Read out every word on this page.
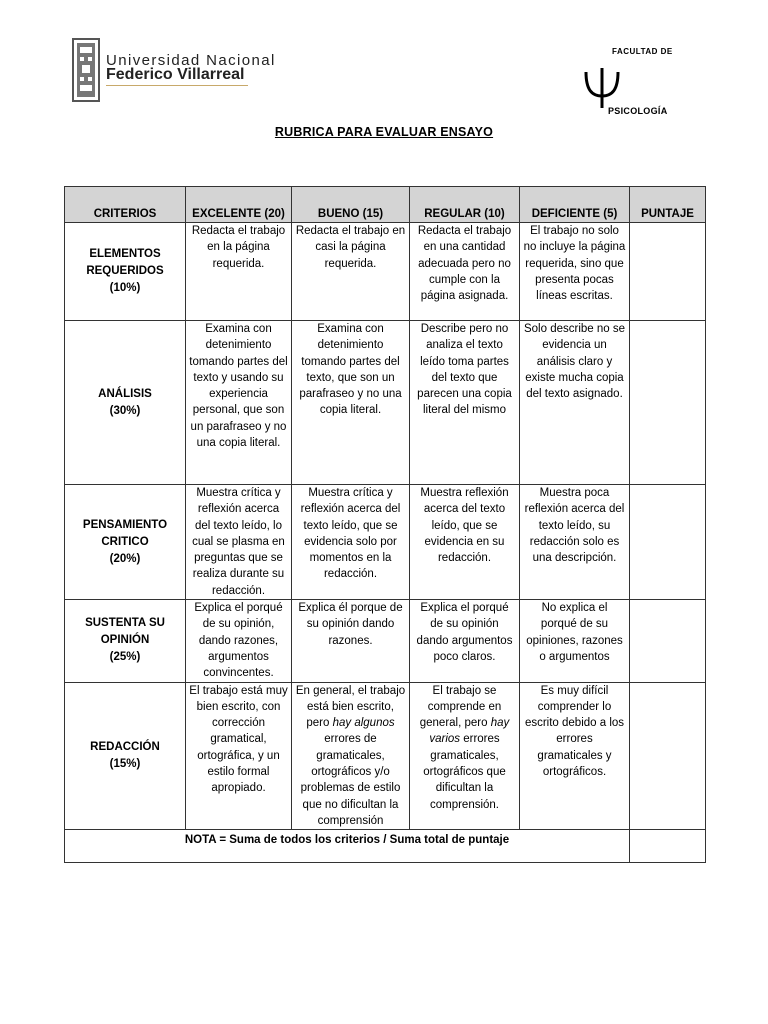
Universidad Nacional
Federico Villarreal
FACULTAD DE
PSICOLOGÍA
RUBRICA PARA EVALUAR ENSAYO
CRITERIOS	EXCELENTE (20)	BUENO (15)	REGULAR (10)	DEFICIENTE (5)	PUNTAJE
ELEMENTOS REQUERIDOS
(10%)	Redacta el trabajo en la página requerida.	Redacta el trabajo en casi la página requerida.	Redacta el trabajo en una cantidad adecuada pero no cumple con la página asignada.	El trabajo no solo no incluye la página requerida, sino que presenta pocas líneas escritas.	
ANÁLISIS
(30%)	Examina con detenimiento tomando partes del texto y usando su experiencia personal, que son un parafraseo y no una copia literal.	Examina con detenimiento tomando partes del texto, que son un parafraseo y no una copia literal.	Describe pero no analiza el texto leído toma partes del texto que parecen una copia literal del mismo	Solo describe no se evidencia un análisis claro y existe mucha copia del texto asignado.	
PENSAMIENTO CRITICO
(20%)	Muestra crítica y reflexión acerca del texto leído, lo cual se plasma en preguntas que se realiza durante su redacción.	Muestra crítica y reflexión acerca del texto leído, que se evidencia solo por momentos en la redacción.	Muestra reflexión acerca del texto leído, que se evidencia en su redacción.	Muestra poca reflexión acerca del texto leído, su redacción solo es una descripción.	
SUSTENTA SU OPINIÓN
(25%)	Explica el porqué de su opinión, dando razones, argumentos convincentes.	Explica él porque de su opinión dando razones.	Explica el porqué de su opinión dando argumentos poco claros.	No explica el porqué de su opiniones, razones o argumentos	
REDACCIÓN
(15%)	El trabajo está muy bien escrito, con corrección gramatical, ortográfica, y un estilo formal apropiado.	En general, el trabajo está bien escrito, pero hay algunos errores de gramaticales, ortográficos y/o problemas de estilo que no dificultan la comprensión	El trabajo se comprende en general, pero hay varios errores gramaticales, ortográficos que dificultan la comprensión.	Es muy difícil comprender lo escrito debido a los errores gramaticales y ortográficos.	
NOTA = Suma de todos los criterios / Suma total de puntaje					
